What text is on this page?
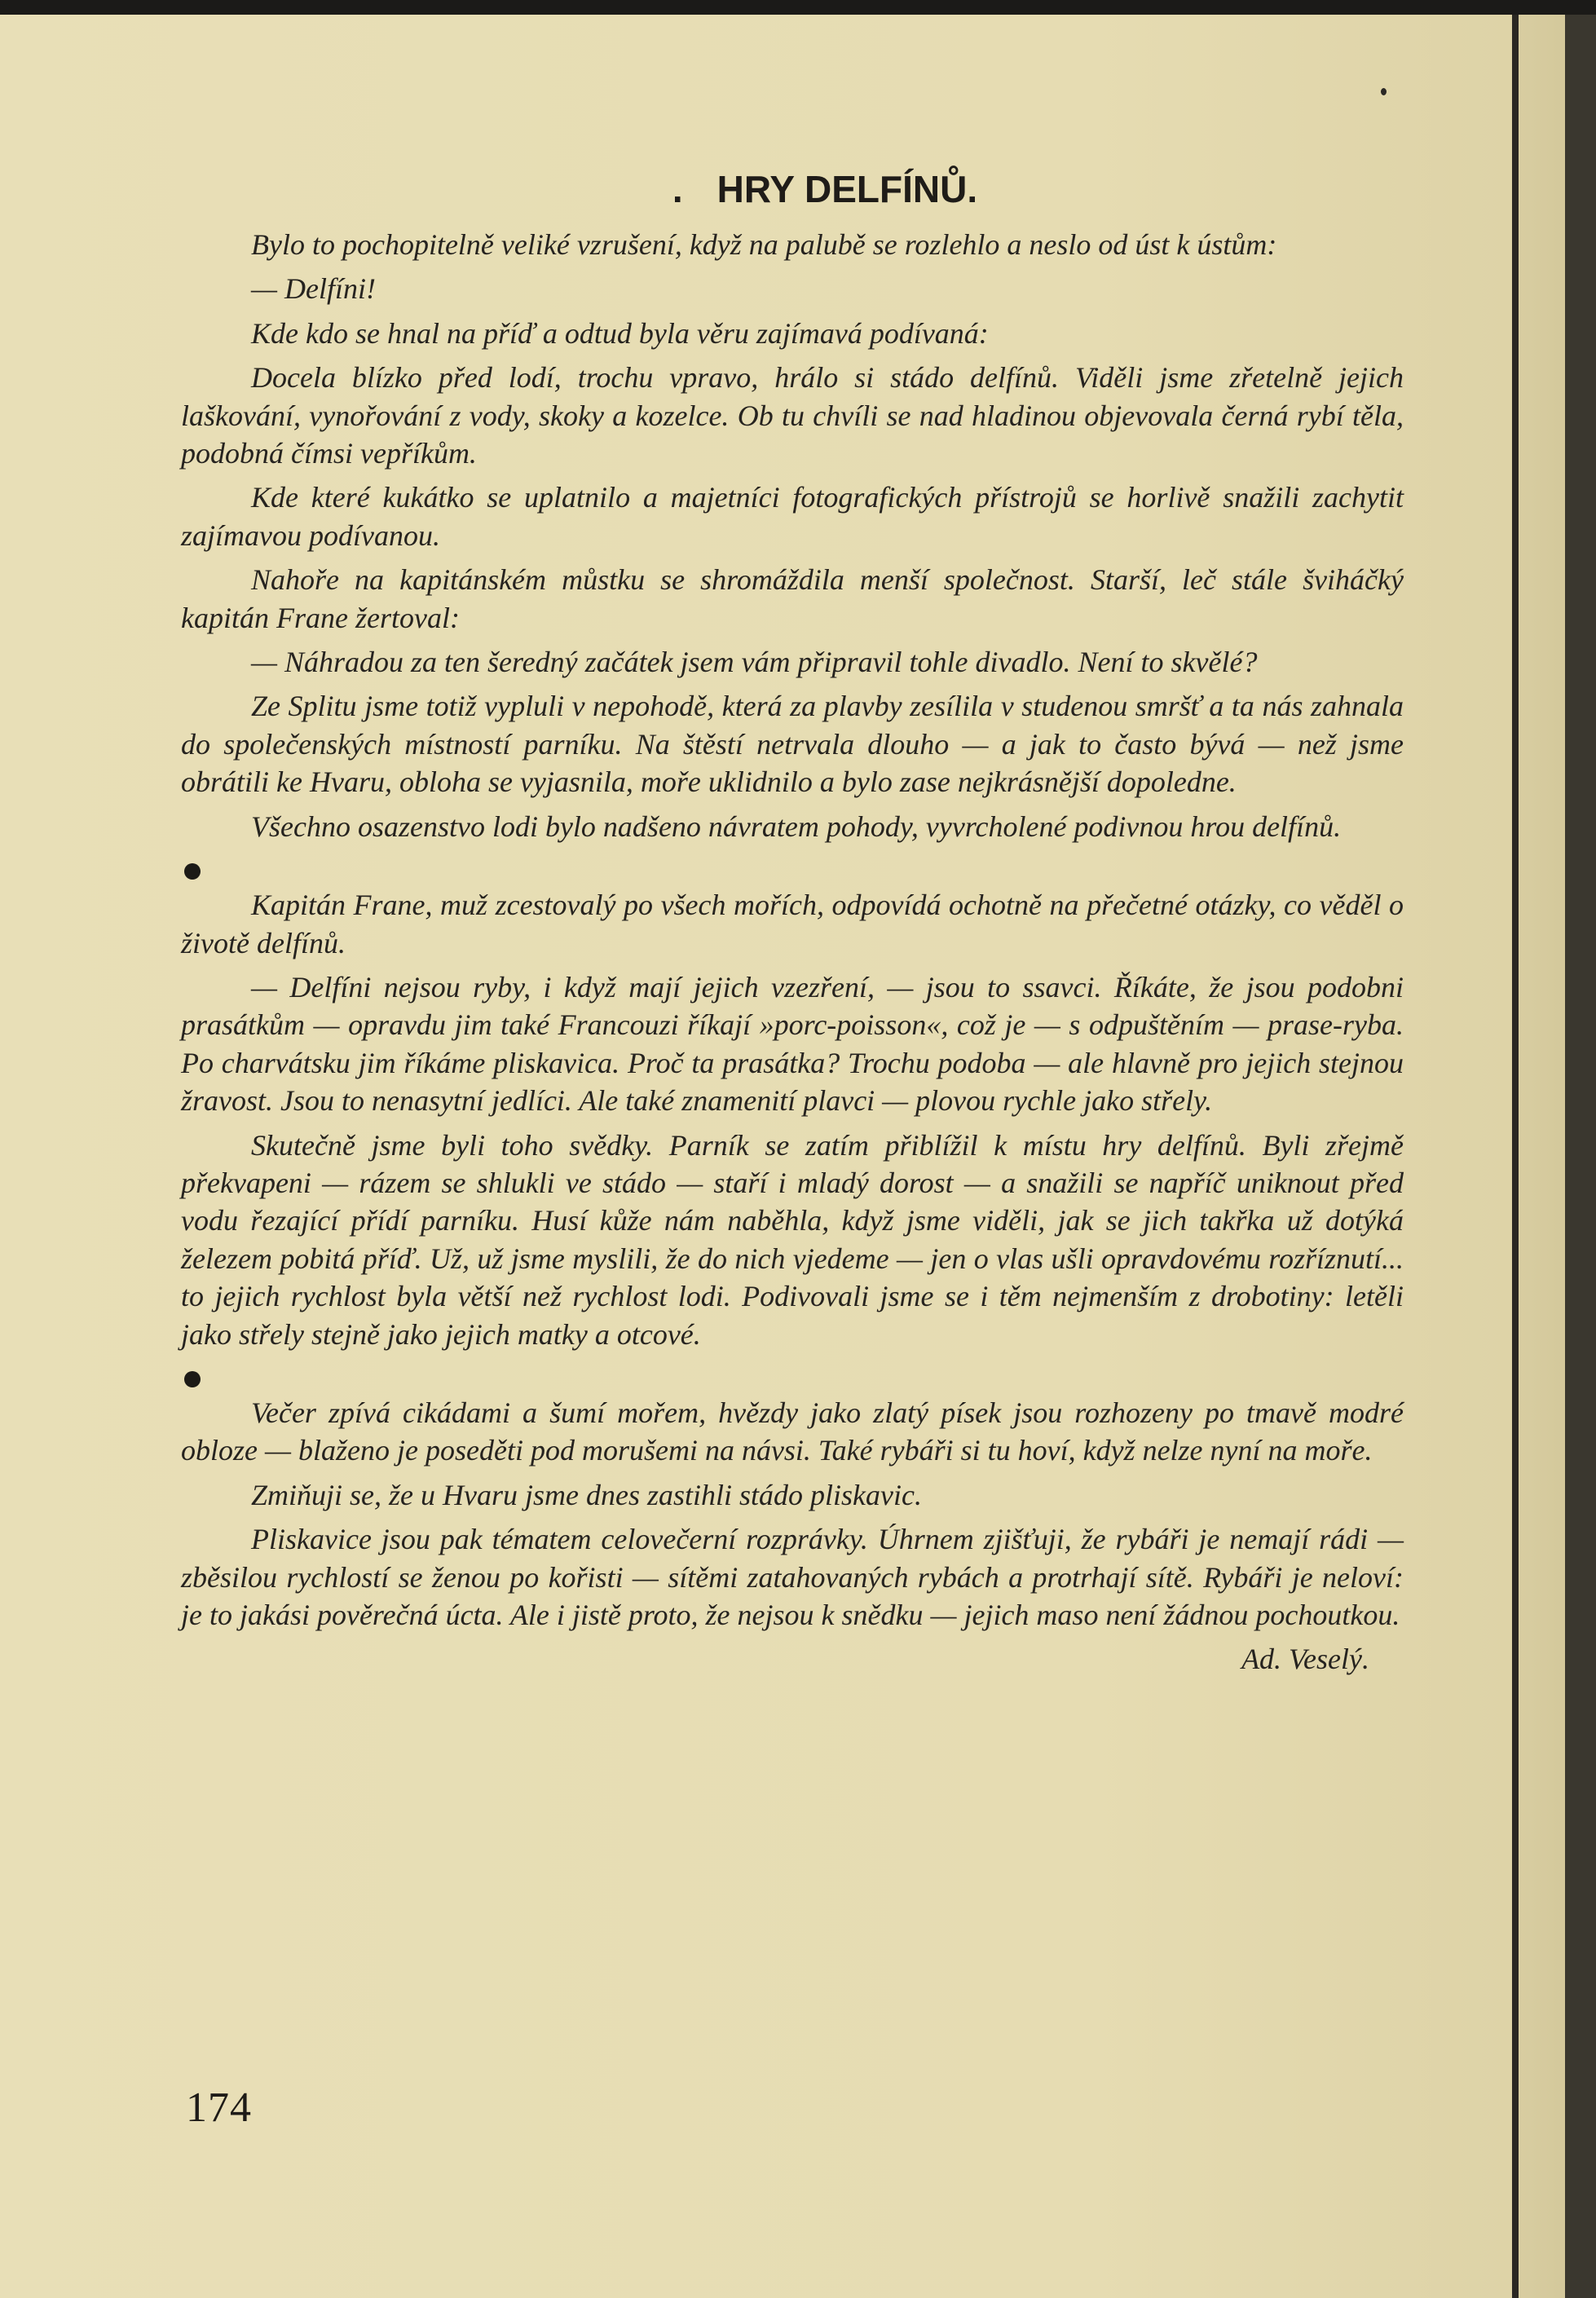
. HRY DELFÍNŮ.

Bylo to pochopitelně veliké vzrušení, když na palubě se rozlehlo a neslo od úst k ústům:

— Delfíni!

Kde kdo se hnal na příď a odtud byla věru zajímavá podívaná:

Docela blízko před lodí, trochu vpravo, hrálo si stádo delfínů. Viděli jsme zřetelně jejich laškování, vynořování z vody, skoky a kozelce. Ob tu chvíli se nad hladinou objevovala černá rybí těla, podobná čímsi vepříkům.

Kde které kukátko se uplatnilo a majetníci fotografických přístrojů se horlivě snažili zachytit zajímavou podívanou.

Nahoře na kapitánském můstku se shromáždila menší společnost. Starší, leč stále šviháčký kapitán Frane žertoval:

— Náhradou za ten šeredný začátek jsem vám připravil tohle divadlo. Není to skvělé?

Ze Splitu jsme totiž vypluli v nepohodě, která za plavby zesílila v studenou smršť a ta nás zahnala do společenských místností parníku. Na štěstí netrvala dlouho — a jak to často bývá — než jsme obrátili ke Hvaru, obloha se vyjasnila, moře uklidnilo a bylo zase nejkrásnější dopoledne.

Všechno osazenstvo lodi bylo nadšeno návratem pohody, vyvrcholené podivnou hrou delfínů.

Kapitán Frane, muž zcestovalý po všech mořích, odpovídá ochotně na přečetné otázky, co věděl o životě delfínů.

— Delfíni nejsou ryby, i když mají jejich vzezření, — jsou to ssavci. Říkáte, že jsou podobni prasátkům — opravdu jim také Francouzi říkají »porc-poisson«, což je — s odpuštěním — prase-ryba. Po charvátsku jim říkáme pliskavica. Proč ta prasátka? Trochu podoba — ale hlavně pro jejich stejnou žravost. Jsou to nenasytní jedlíci. Ale také znamenití plavci — plovou rychle jako střely.

Skutečně jsme byli toho svědky. Parník se zatím přiblížil k místu hry delfínů. Byli zřejmě překvapeni — rázem se shlukli ve stádo — staří i mladý dorost — a snažili se napříč uniknout před vodu řezající přídí parníku. Husí kůže nám naběhla, když jsme viděli, jak se jich takřka už dotýká železem pobitá příď. Už, už jsme myslili, že do nich vjedeme — jen o vlas ušli opravdovému rozříznutí... to jejich rychlost byla větší než rychlost lodi. Podivovali jsme se i těm nejmenším z drobotiny: letěli jako střely stejně jako jejich matky a otcové.

Večer zpívá cikádami a šumí mořem, hvězdy jako zlatý písek jsou rozhozeny po tmavě modré obloze — blaženo je poseděti pod morušemi na návsi. Také rybáři si tu hoví, když nelze nyní na moře.

Zmiňuji se, že u Hvaru jsme dnes zastihli stádo pliskavic.

Pliskavice jsou pak tématem celovečerní rozprávky. Úhrnem zjišťuji, že rybáři je nemají rádi — zběsilou rychlostí se ženou po kořisti — sítěmi zatahovaných rybách a protrhají sítě. Rybáři je neloví: je to jakási pověrečná úcta. Ale i jistě proto, že nejsou k snědku — jejich maso není žádnou pochoutkou.

Ad. Veselý.

174
